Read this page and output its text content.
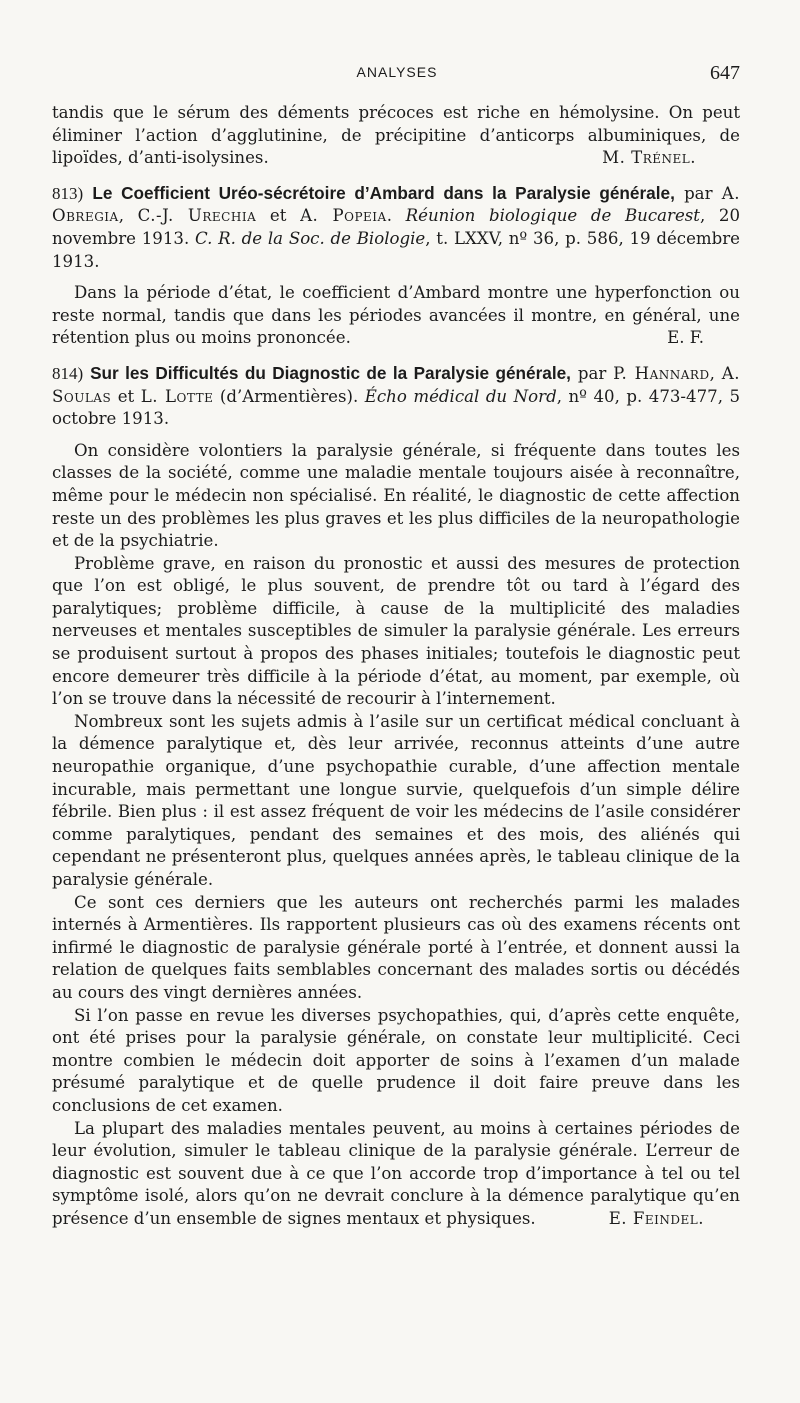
ANALYSES	647

tandis que le sérum des déments précoces est riche en hémolysine. On peut éliminer l’action d’agglutinine, de précipitine d’anticorps albuminiques, de lipoïdes, d’anti-isolysines.	M. Trénel.

813) Le Coefficient Uréo-sécrétoire d’Ambard dans la Paralysie générale, par A. Obregia, C.-J. Urechia et A. Popeia. Réunion biologique de Bucarest, 20 novembre 1913. C. R. de la Soc. de Biologie, t. LXXV, nº 36, p. 586, 19 décembre 1913.

Dans la période d’état, le coefficient d’Ambard montre une hyperfonction ou reste normal, tandis que dans les périodes avancées il montre, en général, une rétention plus ou moins prononcée.	E. F.

814) Sur les Difficultés du Diagnostic de la Paralysie générale, par P. Hannard, A. Soulas et L. Lotte (d’Armentières). Écho médical du Nord, nº 40, p. 473-477, 5 octobre 1913.

On considère volontiers la paralysie générale, si fréquente dans toutes les classes de la société, comme une maladie mentale toujours aisée à reconnaître, même pour le médecin non spécialisé. En réalité, le diagnostic de cette affection reste un des problèmes les plus graves et les plus difficiles de la neuropathologie et de la psychiatrie.

Problème grave, en raison du pronostic et aussi des mesures de protection que l’on est obligé, le plus souvent, de prendre tôt ou tard à l’égard des paralytiques; problème difficile, à cause de la multiplicité des maladies nerveuses et mentales susceptibles de simuler la paralysie générale. Les erreurs se produisent surtout à propos des phases initiales; toutefois le diagnostic peut encore demeurer très difficile à la période d’état, au moment, par exemple, où l’on se trouve dans la nécessité de recourir à l’internement.

Nombreux sont les sujets admis à l’asile sur un certificat médical concluant à la démence paralytique et, dès leur arrivée, reconnus atteints d’une autre neuropathie organique, d’une psychopathie curable, d’une affection mentale incurable, mais permettant une longue survie, quelquefois d’un simple délire fébrile. Bien plus : il est assez fréquent de voir les médecins de l’asile considérer comme paralytiques, pendant des semaines et des mois, des aliénés qui cependant ne présenteront plus, quelques années après, le tableau clinique de la paralysie générale.

Ce sont ces derniers que les auteurs ont recherchés parmi les malades internés à Armentières. Ils rapportent plusieurs cas où des examens récents ont infirmé le diagnostic de paralysie générale porté à l’entrée, et donnent aussi la relation de quelques faits semblables concernant des malades sortis ou décédés au cours des vingt dernières années.

Si l’on passe en revue les diverses psychopathies, qui, d’après cette enquête, ont été prises pour la paralysie générale, on constate leur multiplicité. Ceci montre combien le médecin doit apporter de soins à l’examen d’un malade présumé paralytique et de quelle prudence il doit faire preuve dans les conclusions de cet examen.

La plupart des maladies mentales peuvent, au moins à certaines périodes de leur évolution, simuler le tableau clinique de la paralysie générale. L’erreur de diagnostic est souvent due à ce que l’on accorde trop d’importance à tel ou tel symptôme isolé, alors qu’on ne devrait conclure à la démence paralytique qu’en présence d’un ensemble de signes mentaux et physiques.	E. Feindel.
